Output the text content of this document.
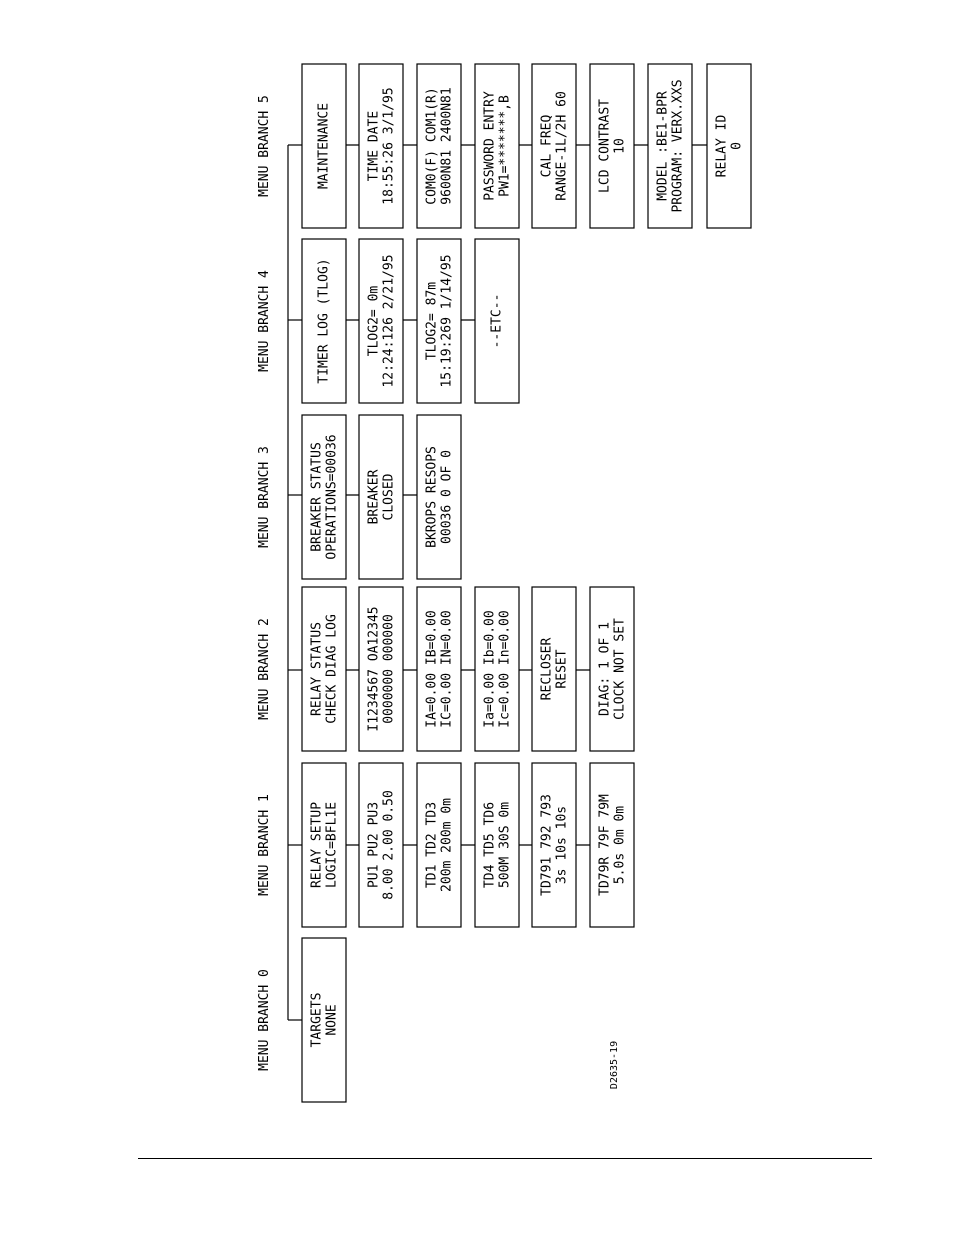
MENU BRANCH 0
MENU BRANCH 1
MENU BRANCH 2
MENU BRANCH 3
MENU BRANCH 4
MENU BRANCH 5
TARGETS NONE
RELAY SETUP LOGIC=BFL1E PU1 PU2 PU3 8.00 2.00 0.50 TD1 TD2 TD3 200m 200m 0m TD4 TD5 TD6 500M 30S 0m TD791 792 793 3s 10s 10s TD79R 79F 79M 5.0s 0m 0m
RELAY STATUS CHECK DIAG LOG I1234567 OA12345 0000000 000000 IA=0.00 IB=0.00 IC=0.00 IN=0.00 Ia=0.00 Ib=0.00 Ic=0.00 In=0.00 RECLOSER RESET DIAG: 1 OF 1 CLOCK NOT SET
BREAKER STATUS OPERATIONS=00036 BREAKER CLOSED BKROPS RESOPS 00036 0 OF 0
TIMER LOG (TLOG)	TLOG2= 0m 12:24:126 2/21/95 TLOG2= 87m 15:19:269 1/14/95	--ETC--
MAINTENANCE	TIME DATE 18:55:26 3/1/95 COM0(F) COM1(R) 9600N81 2400N81 PASSWORD ENTRY PW1=*******,B CAL FREQ RANGE-1L/2H 60 LCD CONTRAST 10 MODEL :BE1-BPR PROGRAM: VERX.XXS RELAY ID 0
D2635-19
